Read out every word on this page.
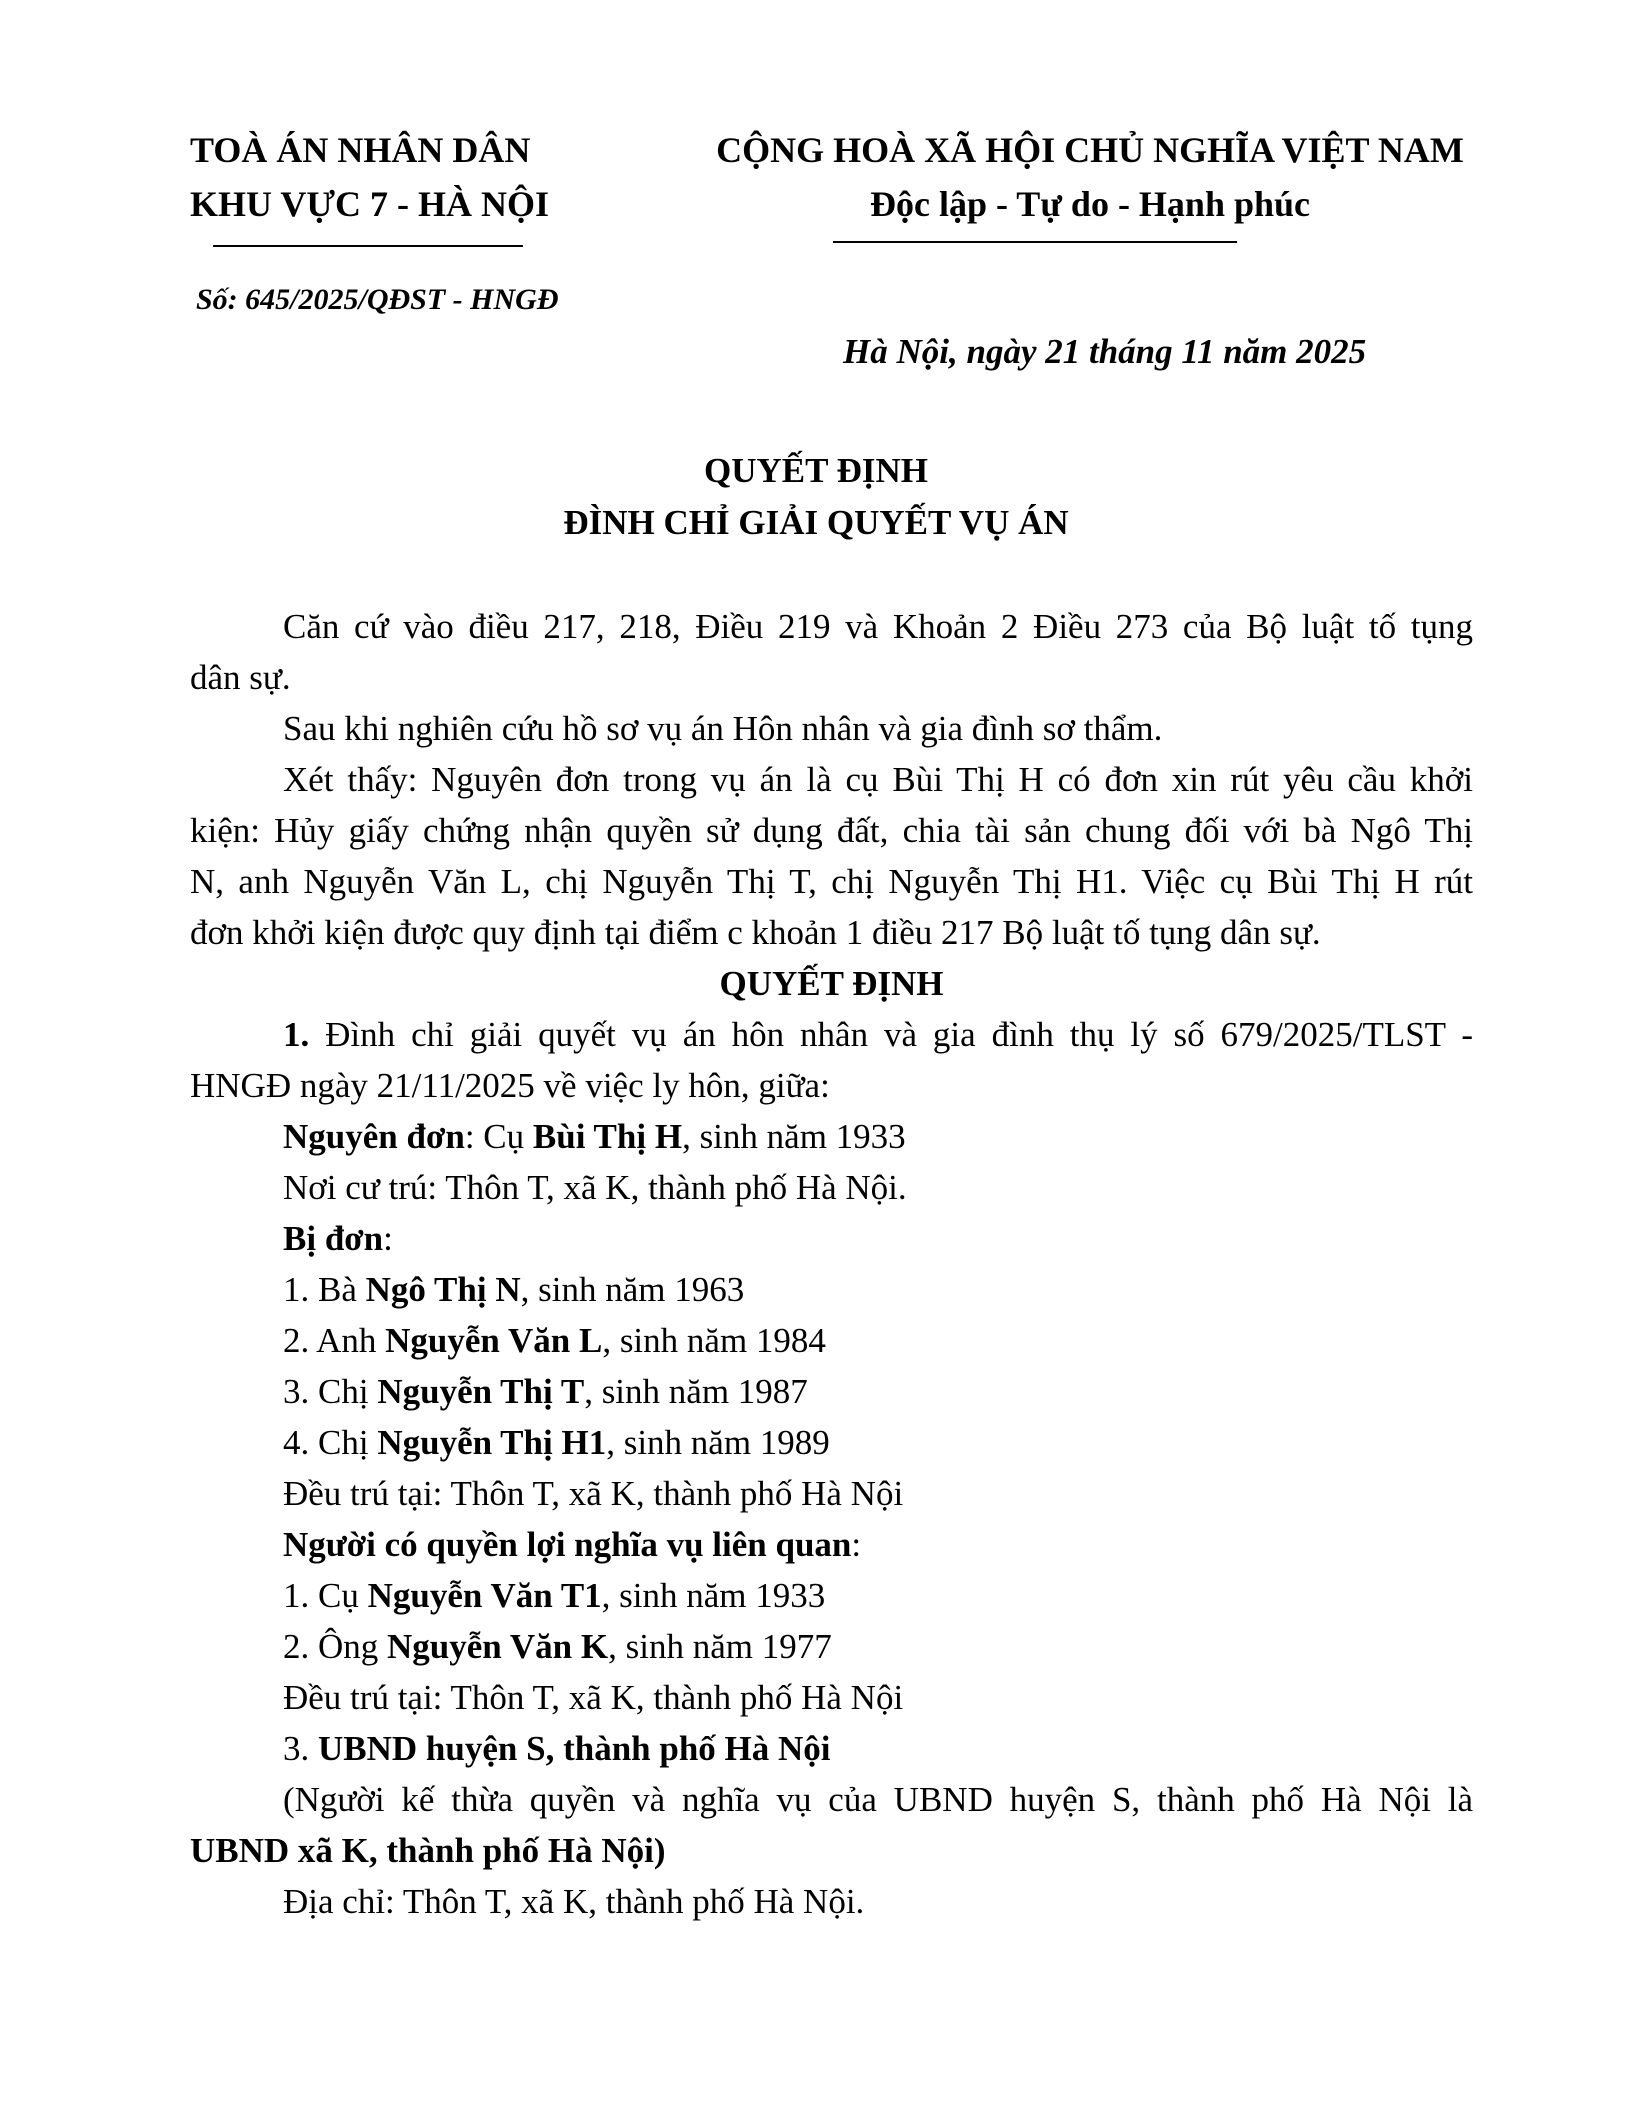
TOÀ ÁN NHÂN DÂN
KHU VỰC 7 - HÀ NỘI
CỘNG HOÀ XÃ HỘI CHỦ NGHĨA VIỆT NAM
Độc lập - Tự do - Hạnh phúc
Số: 645/2025/QĐST - HNGĐ
Hà Nội, ngày 21 tháng 11 năm 2025
QUYẾT ĐỊNH
ĐÌNH CHỈ GIẢI QUYẾT VỤ ÁN
Căn cứ vào điều 217, 218, Điều 219 và Khoản 2 Điều 273 của Bộ luật tố tụng
dân sự.
Sau khi nghiên cứu hồ sơ vụ án Hôn nhân và gia đình sơ thẩm.
Xét thấy: Nguyên đơn trong vụ án là cụ Bùi Thị H có đơn xin rút yêu cầu khởi
kiện: Hủy giấy chứng nhận quyền sử dụng đất, chia tài sản chung đối với bà Ngô Thị
N, anh Nguyễn Văn L, chị Nguyễn Thị T, chị Nguyễn Thị H1. Việc cụ Bùi Thị H rút
đơn khởi kiện được quy định tại điểm c khoản 1 điều 217 Bộ luật tố tụng dân sự.
QUYẾT ĐỊNH
1. Đình chỉ giải quyết vụ án hôn nhân và gia đình thụ lý số 679/2025/TLST -
HNGĐ ngày 21/11/2025 về việc ly hôn, giữa:
Nguyên đơn: Cụ Bùi Thị H, sinh năm 1933
Nơi cư trú: Thôn T, xã K, thành phố Hà Nội.
Bị đơn:
1. Bà Ngô Thị N, sinh năm 1963
2. Anh Nguyễn Văn L, sinh năm 1984
3. Chị Nguyễn Thị T, sinh năm 1987
4. Chị Nguyễn Thị H1, sinh năm 1989
Đều trú tại: Thôn T, xã K, thành phố Hà Nội
Người có quyền lợi nghĩa vụ liên quan:
1. Cụ Nguyễn Văn T1, sinh năm 1933
2. Ông Nguyễn Văn K, sinh năm 1977
Đều trú tại: Thôn T, xã K, thành phố Hà Nội
3. UBND huyện S, thành phố Hà Nội
(Người kế thừa quyền và nghĩa vụ của UBND huyện S, thành phố Hà Nội là
UBND xã K, thành phố Hà Nội)
Địa chỉ: Thôn T, xã K, thành phố Hà Nội.
